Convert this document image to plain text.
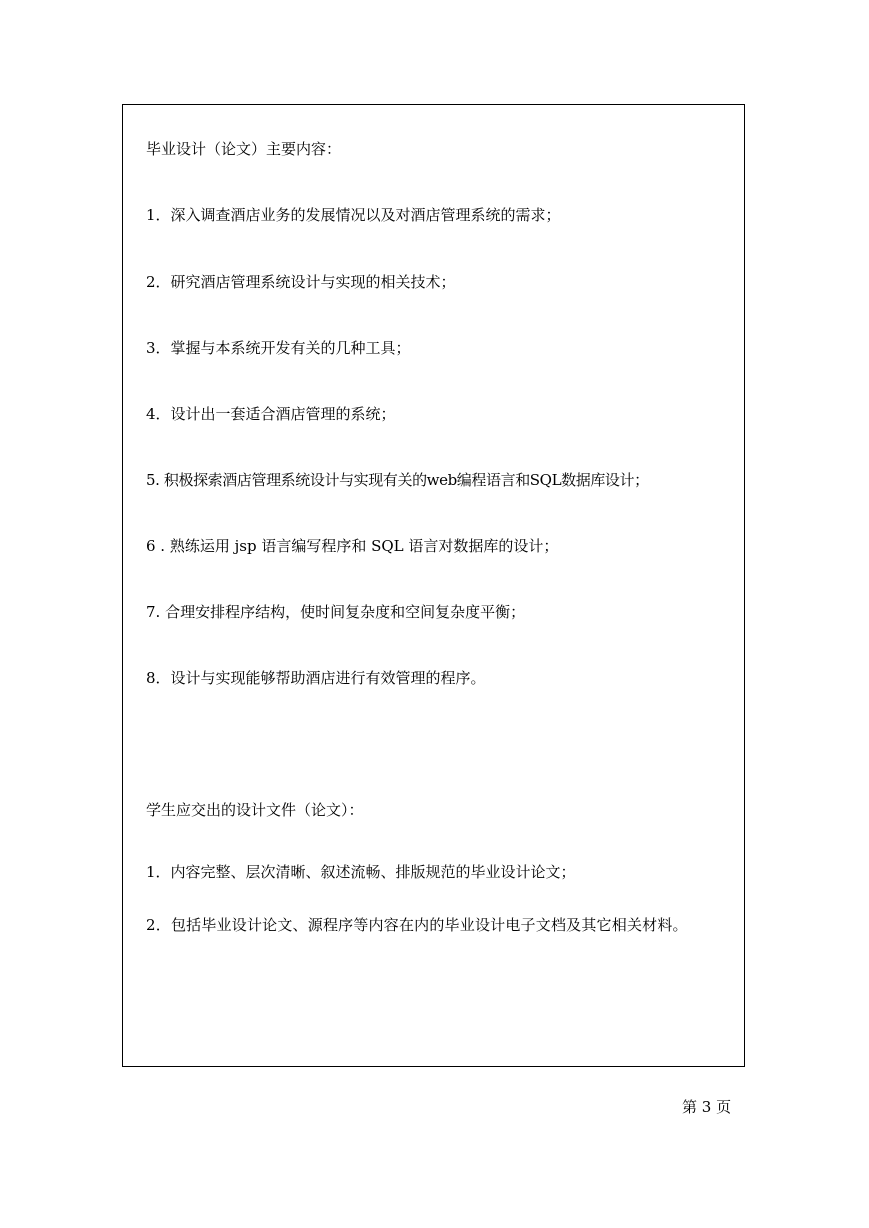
毕业设计（论文）主要内容：
1．深入调查酒店业务的发展情况以及对酒店管理系统的需求；
2．研究酒店管理系统设计与实现的相关技术；
3．掌握与本系统开发有关的几种工具；
4．设计出一套适合酒店管理的系统；
5. 积极探索酒店管理系统设计与实现有关的web编程语言和SQL数据库设计；
6 . 熟练运用 jsp 语言编写程序和 SQL 语言对数据库的设计；
7. 合理安排程序结构，使时间复杂度和空间复杂度平衡；
8．设计与实现能够帮助酒店进行有效管理的程序。
学生应交出的设计文件（论文）：
1．内容完整、层次清晰、叙述流畅、排版规范的毕业设计论文；
2．包括毕业设计论文、源程序等内容在内的毕业设计电子文档及其它相关材料。
第 3 页
